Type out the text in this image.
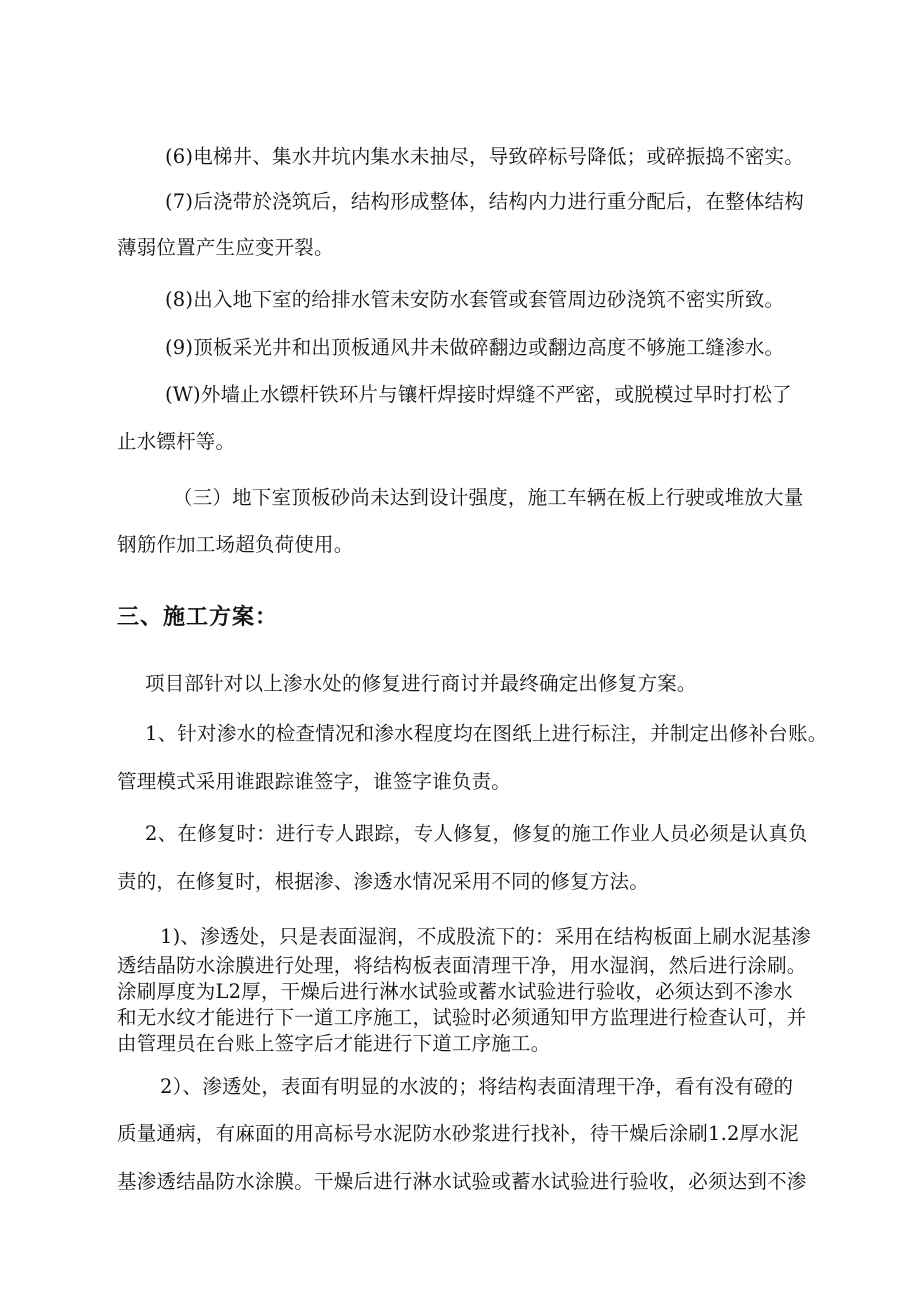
(6)电梯井、集水井坑内集水未抽尽，导致碎标号降低；或碎振捣不密实。
(7)后浇带於浇筑后，结构形成整体，结构内力进行重分配后，在整体结构
薄弱位置产生应变开裂。
(8)出入地下室的给排水管未安防水套管或套管周边砂浇筑不密实所致。
(9)顶板采光井和出顶板通风井未做碎翻边或翻边高度不够施工缝渗水。
(W)外墙止水镖杆铁环片与镶杆焊接时焊缝不严密，或脱模过早时打松了
止水镖杆等。
（三）地下室顶板砂尚未达到设计强度，施工车辆在板上行驶或堆放大量
钢筋作加工场超负荷使用。
三、施工方案：
项目部针对以上渗水处的修复进行商讨并最终确定出修复方案。
1、针对渗水的检查情况和渗水程度均在图纸上进行标注，并制定出修补台账。
管理模式采用谁跟踪谁签字，谁签字谁负责。
2、在修复时：进行专人跟踪，专人修复，修复的施工作业人员必须是认真负
责的，在修复时，根据渗、渗透水情况采用不同的修复方法。
1)、渗透处，只是表面湿润，不成股流下的：采用在结构板面上刷水泥基渗
透结晶防水涂膜进行处理，将结构板表面清理干净，用水湿润，然后进行涂刷。
涂刷厚度为L2厚，干燥后进行淋水试验或蓄水试验进行验收，必须达到不渗水
和无水纹才能进行下一道工序施工，试验时必须通知甲方监理进行检查认可，并
由管理员在台账上签字后才能进行下道工序施工。
2）、渗透处，表面有明显的水波的；将结构表面清理干净，看有没有磴的
质量通病，有麻面的用高标号水泥防水砂浆进行找补，待干燥后涂刷1.2厚水泥
基渗透结晶防水涂膜。干燥后进行淋水试验或蓄水试验进行验收，必须达到不渗
